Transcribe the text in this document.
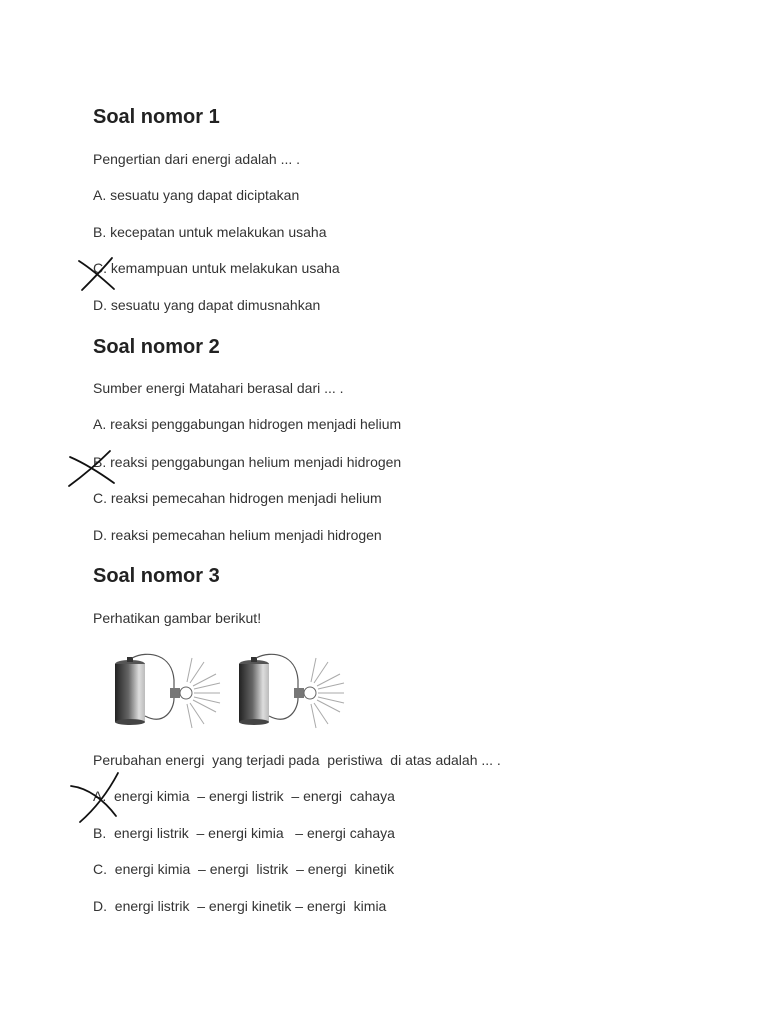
Soal nomor 1
Pengertian dari energi adalah ... .
A. sesuatu yang dapat diciptakan
B. kecepatan untuk melakukan usaha
C. kemampuan untuk melakukan usaha
D. sesuatu yang dapat dimusnahkan
Soal nomor 2
Sumber energi Matahari berasal dari ... .
A. reaksi penggabungan hidrogen menjadi helium
B. reaksi penggabungan helium menjadi hidrogen
C. reaksi pemecahan hidrogen menjadi helium
D. reaksi pemecahan helium menjadi hidrogen
Soal nomor 3
Perhatikan gambar berikut!
Perubahan energi  yang terjadi pada  peristiwa  di atas adalah ... .
A.  energi kimia  – energi listrik  – energi  cahaya
B.  energi listrik  – energi kimia   – energi cahaya
C.  energi kimia  – energi  listrik  – energi  kinetik
D.  energi listrik  – energi kinetik – energi  kimia
